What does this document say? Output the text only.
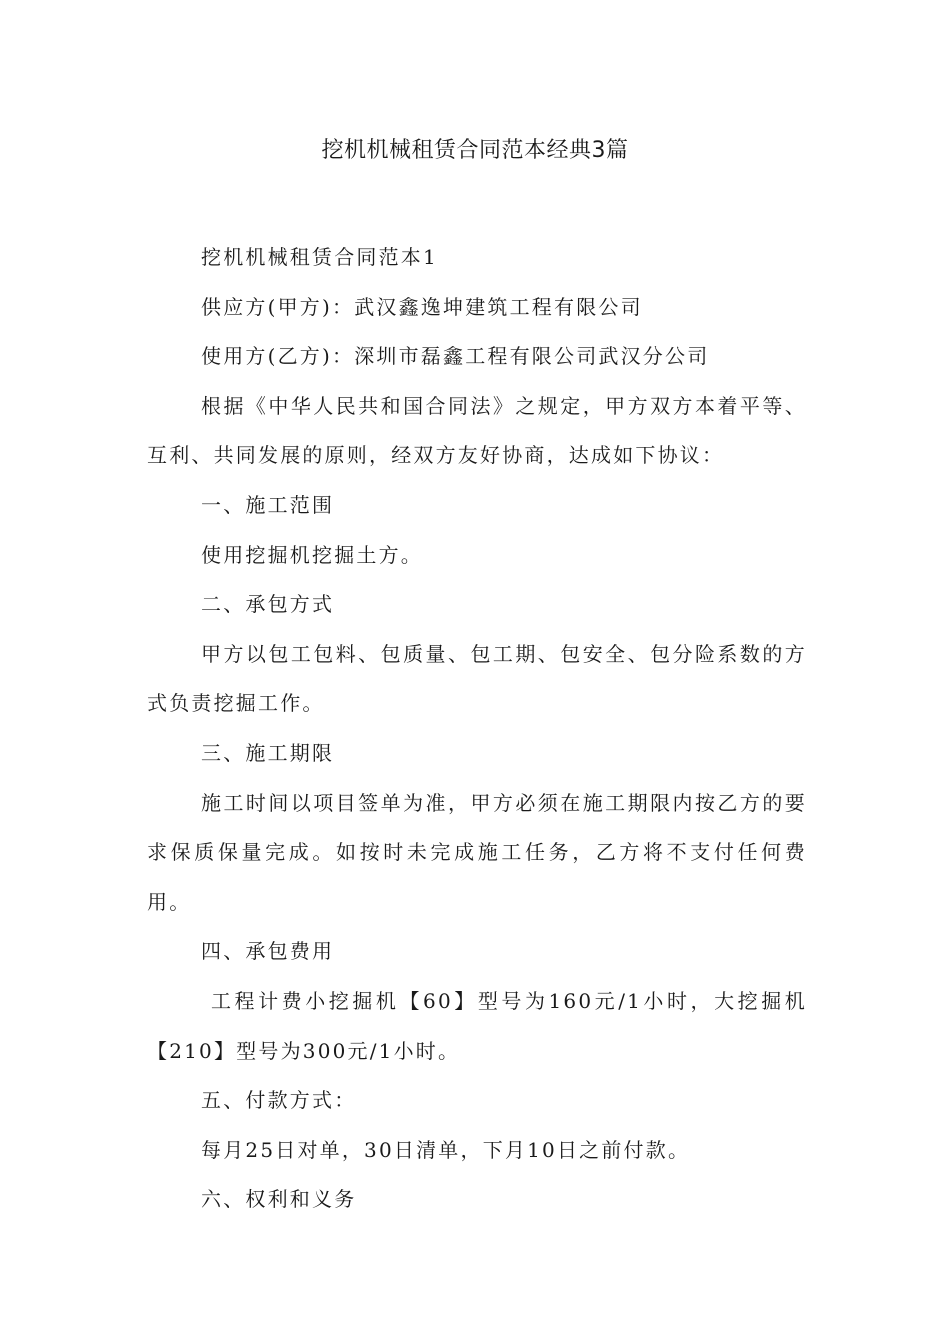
挖机机械租赁合同范本经典3篇

挖机机械租赁合同范本1

供应方(甲方)：武汉鑫逸坤建筑工程有限公司

使用方(乙方)：深圳市磊鑫工程有限公司武汉分公司

根据《中华人民共和国合同法》之规定，甲方双方本着平等、互利、共同发展的原则，经双方友好协商，达成如下协议：

一、施工范围

使用挖掘机挖掘土方。

二、承包方式

甲方以包工包料、包质量、包工期、包安全、包分险系数的方式负责挖掘工作。

三、施工期限

施工时间以项目签单为准，甲方必须在施工期限内按乙方的要求保质保量完成。如按时未完成施工任务，乙方将不支付任何费用。

四、承包费用

工程计费小挖掘机【60】型号为160元/1小时，大挖掘机【210】型号为300元/1小时。

五、付款方式：

每月25日对单，30日清单，下月10日之前付款。

六、权利和义务
